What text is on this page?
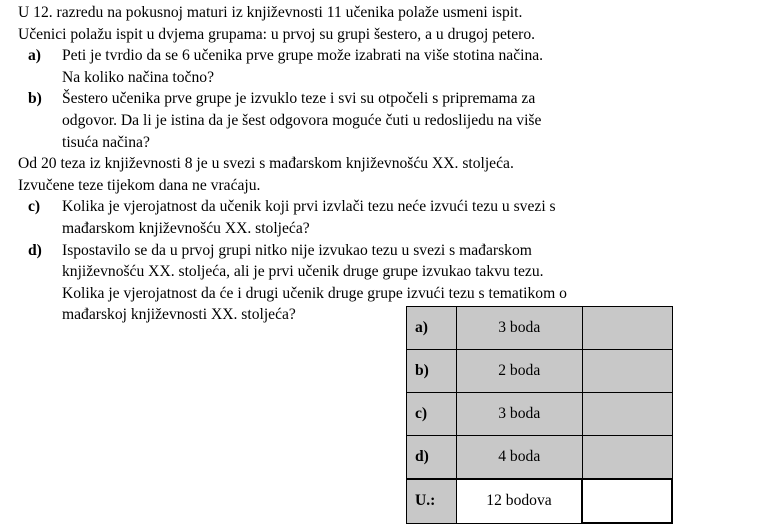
U 12. razredu na pokusnoj maturi iz književnosti 11 učenika polaže usmeni ispit.
Učenici polažu ispit u dvjema grupama: u prvoj su grupi šestero, a u drugoj petero.
a) Peti je tvrdio da se 6 učenika prve grupe može izabrati na više stotina načina.
Na koliko načina točno?
b) Šestero učenika prve grupe je izvuklo teze i svi su otpočeli s pripremama za
odgovor. Da li je istina da je šest odgovora moguće čuti u redoslijedu na više
tisuća načina?
Od 20 teza iz književnosti 8 je u svezi s mađarskom književnošću XX. stoljeća.
Izvučene teze tijekom dana ne vraćaju.
c) Kolika je vjerojatnost da učenik koji prvi izvlači tezu neće izvući tezu u svezi s
mađarskom književnošću XX. stoljeća?
d) Ispostavilo se da u prvoj grupi nitko nije izvukao tezu u svezi s mađarskom
književnošću XX. stoljeća, ali je prvi učenik druge grupe izvukao takvu tezu.
Kolika je vjerojatnost da će i drugi učenik druge grupe izvući tezu s tematikom o
mađarskoj književnosti XX. stoljeća?
a)	3 boda	
b)	2 boda	
c)	3 boda	
d)	4 boda	
U.:	12 bodova	
